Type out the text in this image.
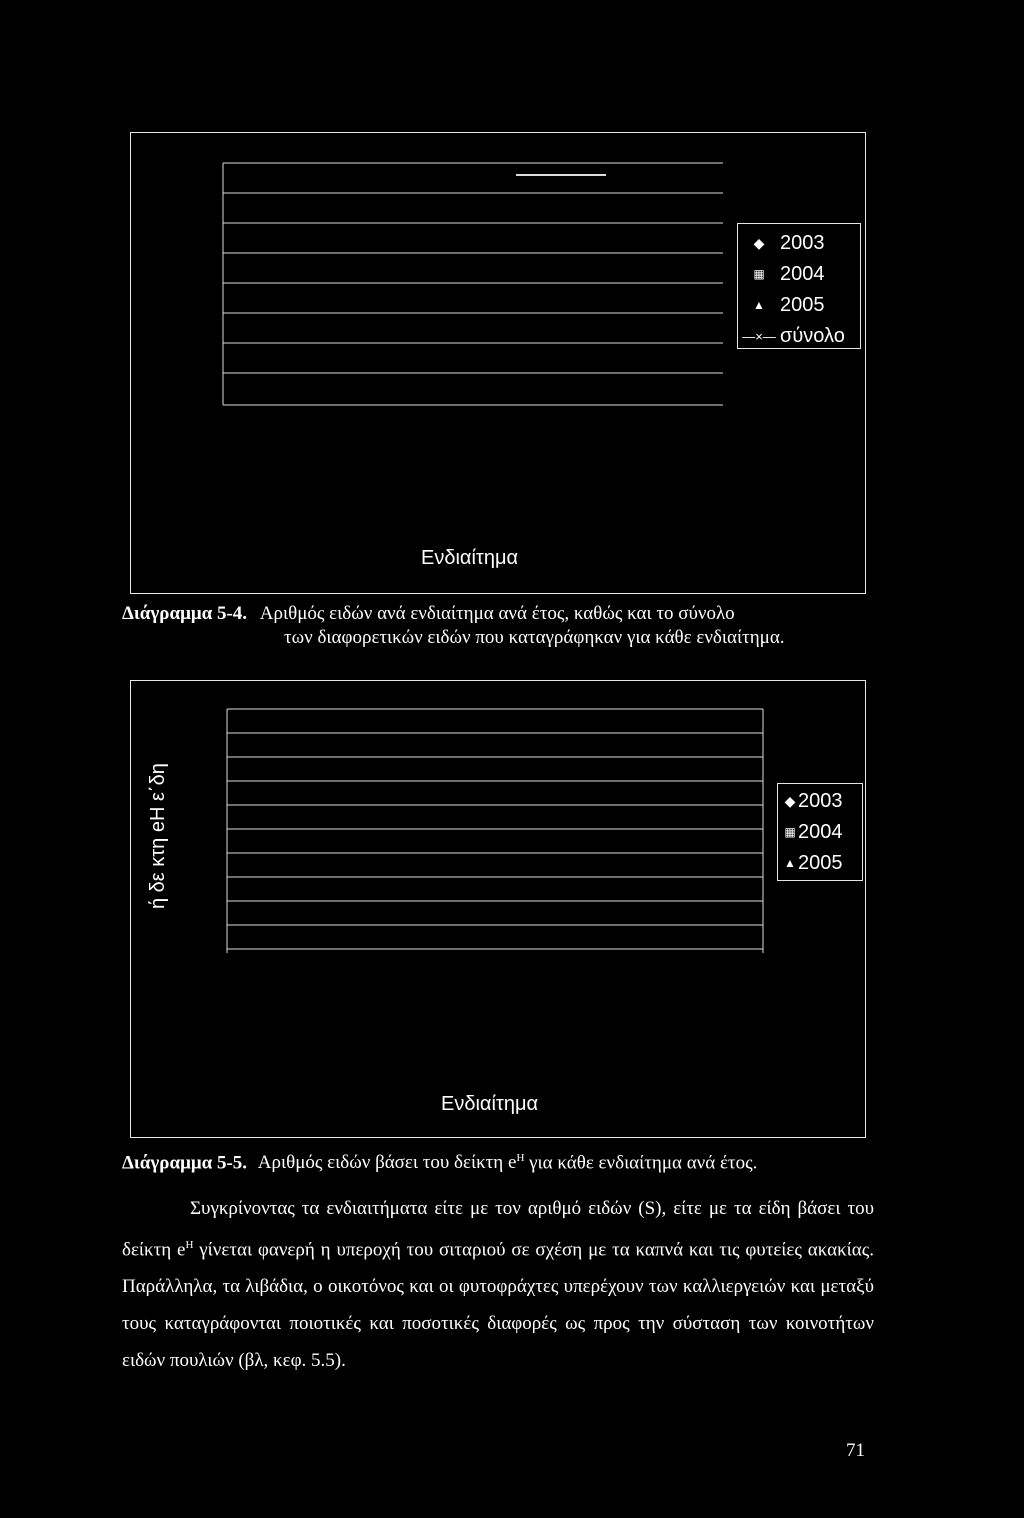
◆ 2003
▦ 2004
▲ 2005
—×— σύνολο
Ενδιαίτημα
Διάγραμμα 5-4. Αριθμός ειδών ανά ενδιαίτημα ανά έτος, καθώς και το σύνολο
των διαφορετικών ειδών που καταγράφηκαν για κάθε ενδιαίτημα.
ή δε κτη eH ε΄δη	◆ 2003
▦ 2004
▲ 2005
Ενδιαίτημα
Διάγραμμα 5-5. Αριθμός ειδών βάσει του δείκτη $e^H$ για κάθε ενδιαίτημα ανά έτος.
Συγκρίνοντας τα ενδιαιτήματα είτε με τον αριθμό ειδών (S), είτε με τα είδη βάσει του δείκτη $e^H$ γίνεται φανερή η υπεροχή του σιταριού σε σχέση με τα καπνά και τις φυτείες ακακίας. Παράλληλα, τα λιβάδια, ο οικοτόνος και οι φυτοφράχτες υπερέχουν των καλλιεργειών και μεταξύ τους καταγράφονται ποιοτικές και ποσοτικές διαφορές ως προς την σύσταση των κοινοτήτων ειδών πουλιών (βλ, κεφ. 5.5).
71
